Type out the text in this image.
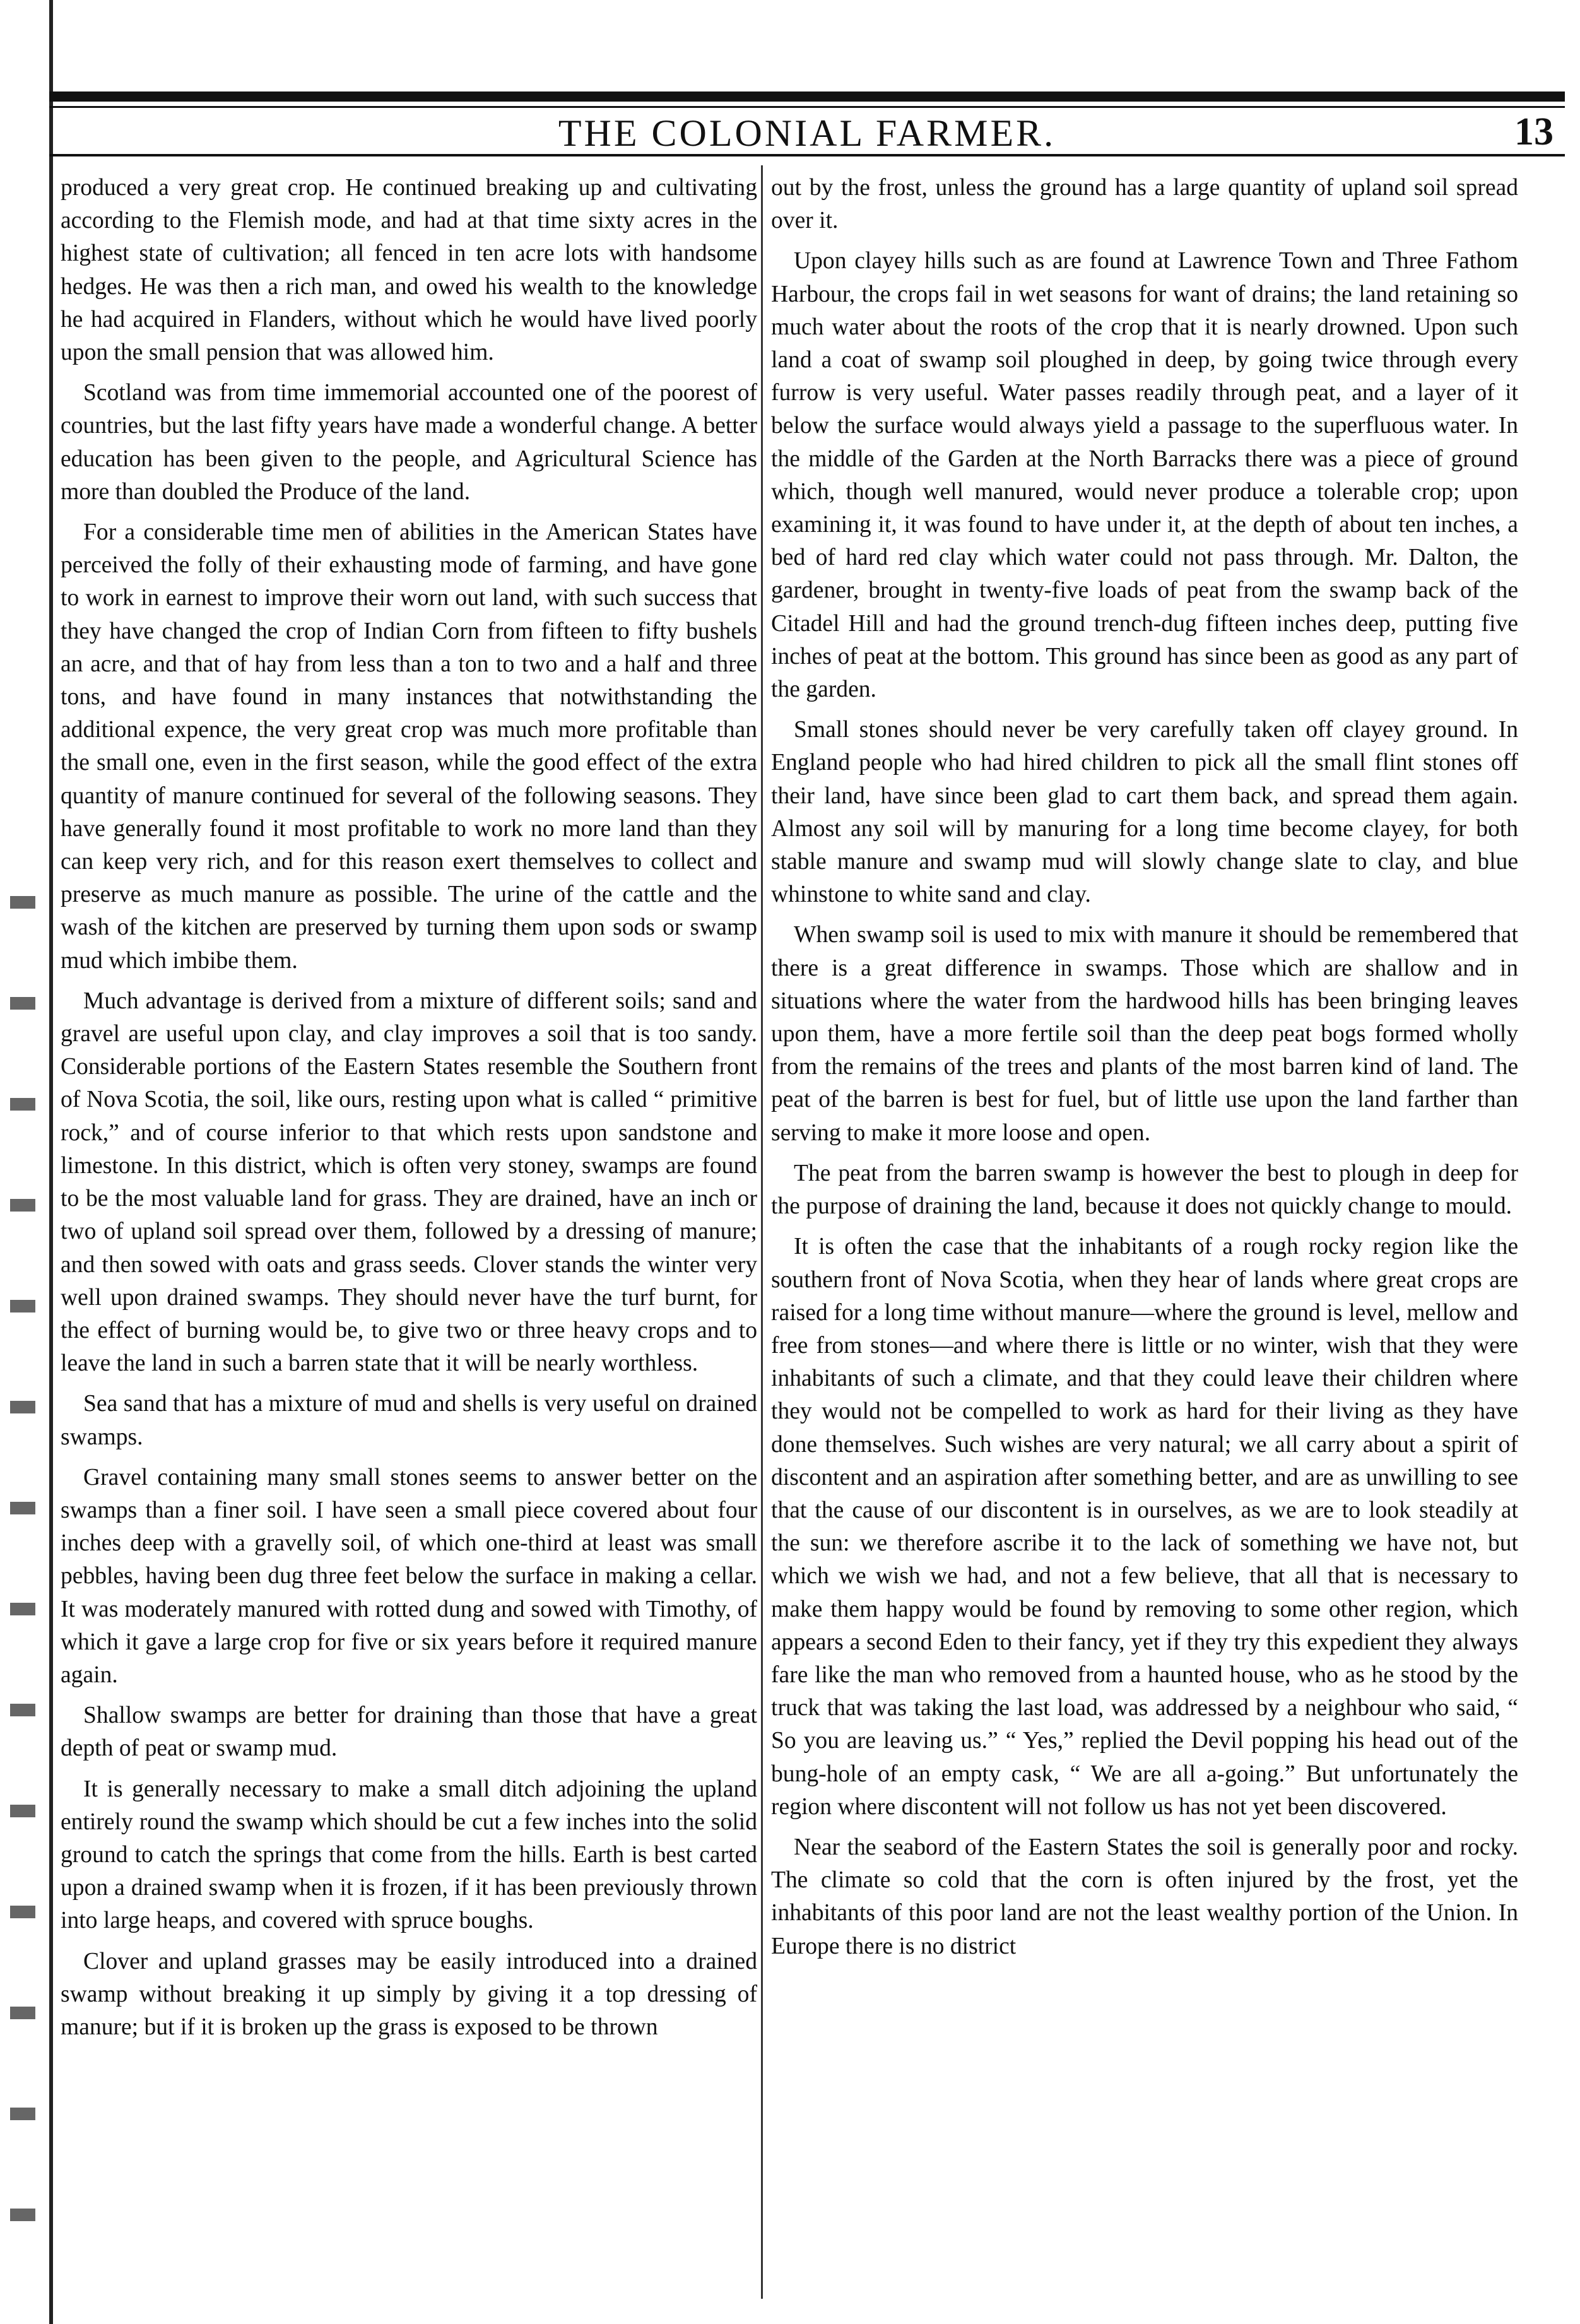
THE COLONIAL FARMER.	13

produced a very great crop. He continued breaking up and cultivating according to the Flemish mode, and had at that time sixty acres in the highest state of cultivation; all fenced in ten acre lots with handsome hedges. He was then a rich man, and owed his wealth to the knowledge he had acquired in Flanders, without which he would have lived poorly upon the small pension that was allowed him.

Scotland was from time immemorial accounted one of the poorest of countries, but the last fifty years have made a wonderful change. A better education has been given to the people, and Agricultural Science has more than doubled the Produce of the land.

For a considerable time men of abilities in the American States have perceived the folly of their exhausting mode of farming, and have gone to work in earnest to improve their worn out land, with such success that they have changed the crop of Indian Corn from fifteen to fifty bushels an acre, and that of hay from less than a ton to two and a half and three tons, and have found in many instances that notwithstanding the additional expence, the very great crop was much more profitable than the small one, even in the first season, while the good effect of the extra quantity of manure continued for several of the following seasons. They have generally found it most profitable to work no more land than they can keep very rich, and for this reason exert themselves to collect and preserve as much manure as possible. The urine of the cattle and the wash of the kitchen are preserved by turning them upon sods or swamp mud which imbibe them.

Much advantage is derived from a mixture of different soils; sand and gravel are useful upon clay, and clay improves a soil that is too sandy. Considerable portions of the Eastern States resemble the Southern front of Nova Scotia, the soil, like ours, resting upon what is called “ primitive rock,” and of course inferior to that which rests upon sandstone and limestone. In this district, which is often very stoney, swamps are found to be the most valuable land for grass. They are drained, have an inch or two of upland soil spread over them, followed by a dressing of manure; and then sowed with oats and grass seeds. Clover stands the winter very well upon drained swamps. They should never have the turf burnt, for the effect of burning would be, to give two or three heavy crops and to leave the land in such a barren state that it will be nearly worthless.

Sea sand that has a mixture of mud and shells is very useful on drained swamps.

Gravel containing many small stones seems to answer better on the swamps than a finer soil. I have seen a small piece covered about four inches deep with a gravelly soil, of which one-third at least was small pebbles, having been dug three feet below the surface in making a cellar. It was moderately manured with rotted dung and sowed with Timothy, of which it gave a large crop for five or six years before it required manure again.

Shallow swamps are better for draining than those that have a great depth of peat or swamp mud.

It is generally necessary to make a small ditch adjoining the upland entirely round the swamp which should be cut a few inches into the solid ground to catch the springs that come from the hills. Earth is best carted upon a drained swamp when it is frozen, if it has been previously thrown into large heaps, and covered with spruce boughs.

Clover and upland grasses may be easily introduced into a drained swamp without breaking it up simply by giving it a top dressing of manure; but if it is broken up the grass is exposed to be thrown

out by the frost, unless the ground has a large quantity of upland soil spread over it.

Upon clayey hills such as are found at Lawrence Town and Three Fathom Harbour, the crops fail in wet seasons for want of drains; the land retaining so much water about the roots of the crop that it is nearly drowned. Upon such land a coat of swamp soil ploughed in deep, by going twice through every furrow is very useful. Water passes readily through peat, and a layer of it below the surface would always yield a passage to the superfluous water. In the middle of the Garden at the North Barracks there was a piece of ground which, though well manured, would never produce a tolerable crop; upon examining it, it was found to have under it, at the depth of about ten inches, a bed of hard red clay which water could not pass through. Mr. Dalton, the gardener, brought in twenty-five loads of peat from the swamp back of the Citadel Hill and had the ground trench-dug fifteen inches deep, putting five inches of peat at the bottom. This ground has since been as good as any part of the garden.

Small stones should never be very carefully taken off clayey ground. In England people who had hired children to pick all the small flint stones off their land, have since been glad to cart them back, and spread them again. Almost any soil will by manuring for a long time become clayey, for both stable manure and swamp mud will slowly change slate to clay, and blue whinstone to white sand and clay.

When swamp soil is used to mix with manure it should be remembered that there is a great difference in swamps. Those which are shallow and in situations where the water from the hardwood hills has been bringing leaves upon them, have a more fertile soil than the deep peat bogs formed wholly from the remains of the trees and plants of the most barren kind of land. The peat of the barren is best for fuel, but of little use upon the land farther than serving to make it more loose and open.

The peat from the barren swamp is however the best to plough in deep for the purpose of draining the land, because it does not quickly change to mould.

It is often the case that the inhabitants of a rough rocky region like the southern front of Nova Scotia, when they hear of lands where great crops are raised for a long time without manure—where the ground is level, mellow and free from stones—and where there is little or no winter, wish that they were inhabitants of such a climate, and that they could leave their children where they would not be compelled to work as hard for their living as they have done themselves. Such wishes are very natural; we all carry about a spirit of discontent and an aspiration after something better, and are as unwilling to see that the cause of our discontent is in ourselves, as we are to look steadily at the sun: we therefore ascribe it to the lack of something we have not, but which we wish we had, and not a few believe, that all that is necessary to make them happy would be found by removing to some other region, which appears a second Eden to their fancy, yet if they try this expedient they always fare like the man who removed from a haunted house, who as he stood by the truck that was taking the last load, was addressed by a neighbour who said, “ So you are leaving us.” “ Yes,” replied the Devil popping his head out of the bung-hole of an empty cask, “ We are all a-going.” But unfortunately the region where discontent will not follow us has not yet been discovered.

Near the seabord of the Eastern States the soil is generally poor and rocky. The climate so cold that the corn is often injured by the frost, yet the inhabitants of this poor land are not the least wealthy portion of the Union. In Europe there is no district
